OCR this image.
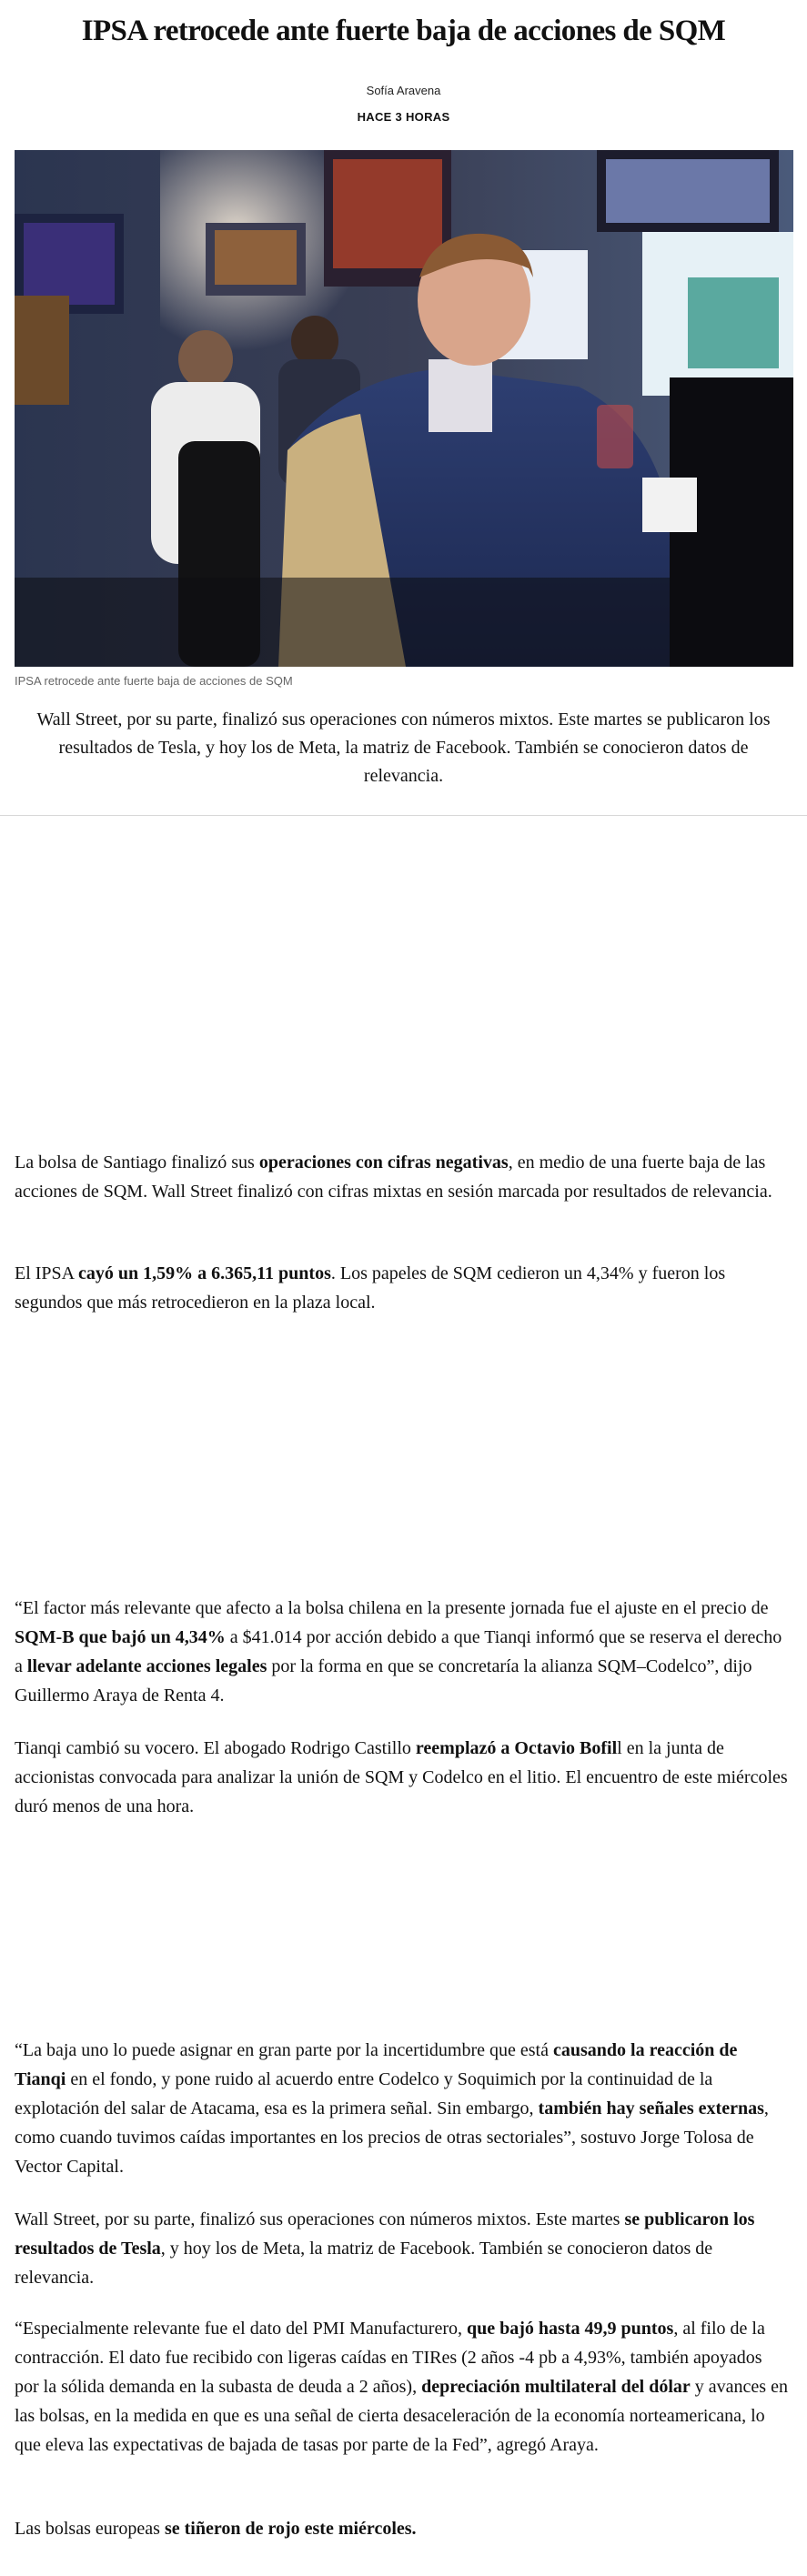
IPSA retrocede ante fuerte baja de acciones de SQM
Sofía Aravena
HACE 3 HORAS
IPSA retrocede ante fuerte baja de acciones de SQM

Wall Street, por su parte, finalizó sus operaciones con números mixtos. Este martes se publicaron los resultados de Tesla, y hoy los de Meta, la matriz de Facebook. También se conocieron datos de relevancia.

La bolsa de Santiago finalizó sus operaciones con cifras negativas, en medio de una fuerte baja de las acciones de SQM. Wall Street finalizó con cifras mixtas en sesión marcada por resultados de relevancia.

El IPSA cayó un 1,59% a 6.365,11 puntos. Los papeles de SQM cedieron un 4,34% y fueron los segundos que más retrocedieron en la plaza local.

“El factor más relevante que afecto a la bolsa chilena en la presente jornada fue el ajuste en el precio de SQM-B que bajó un 4,34% a $41.014 por acción debido a que Tianqi informó que se reserva el derecho a llevar adelante acciones legales por la forma en que se concretaría la alianza SQM–Codelco”, dijo Guillermo Araya de Renta 4.

Tianqi cambió su vocero. El abogado Rodrigo Castillo reemplazó a Octavio Bofill en la junta de accionistas convocada para analizar la unión de SQM y Codelco en el litio. El encuentro de este miércoles duró menos de una hora.

“La baja uno lo puede asignar en gran parte por la incertidumbre que está causando la reacción de Tianqi en el fondo, y pone ruido al acuerdo entre Codelco y Soquimich por la continuidad de la explotación del salar de Atacama, esa es la primera señal. Sin embargo, también hay señales externas, como cuando tuvimos caídas importantes en los precios de otras sectoriales”, sostuvo Jorge Tolosa de Vector Capital.

Wall Street, por su parte, finalizó sus operaciones con números mixtos. Este martes se publicaron los resultados de Tesla, y hoy los de Meta, la matriz de Facebook. También se conocieron datos de relevancia.

“Especialmente relevante fue el dato del PMI Manufacturero, que bajó hasta 49,9 puntos, al filo de la contracción. El dato fue recibido con ligeras caídas en TIRes (2 años -4 pb a 4,93%, también apoyados por la sólida demanda en la subasta de deuda a 2 años), depreciación multilateral del dólar y avances en las bolsas, en la medida en que es una señal de cierta desaceleración de la economía norteamericana, lo que eleva las expectativas de bajada de tasas por parte de la Fed”, agregó Araya.

Las bolsas europeas se tiñeron de rojo este miércoles.
